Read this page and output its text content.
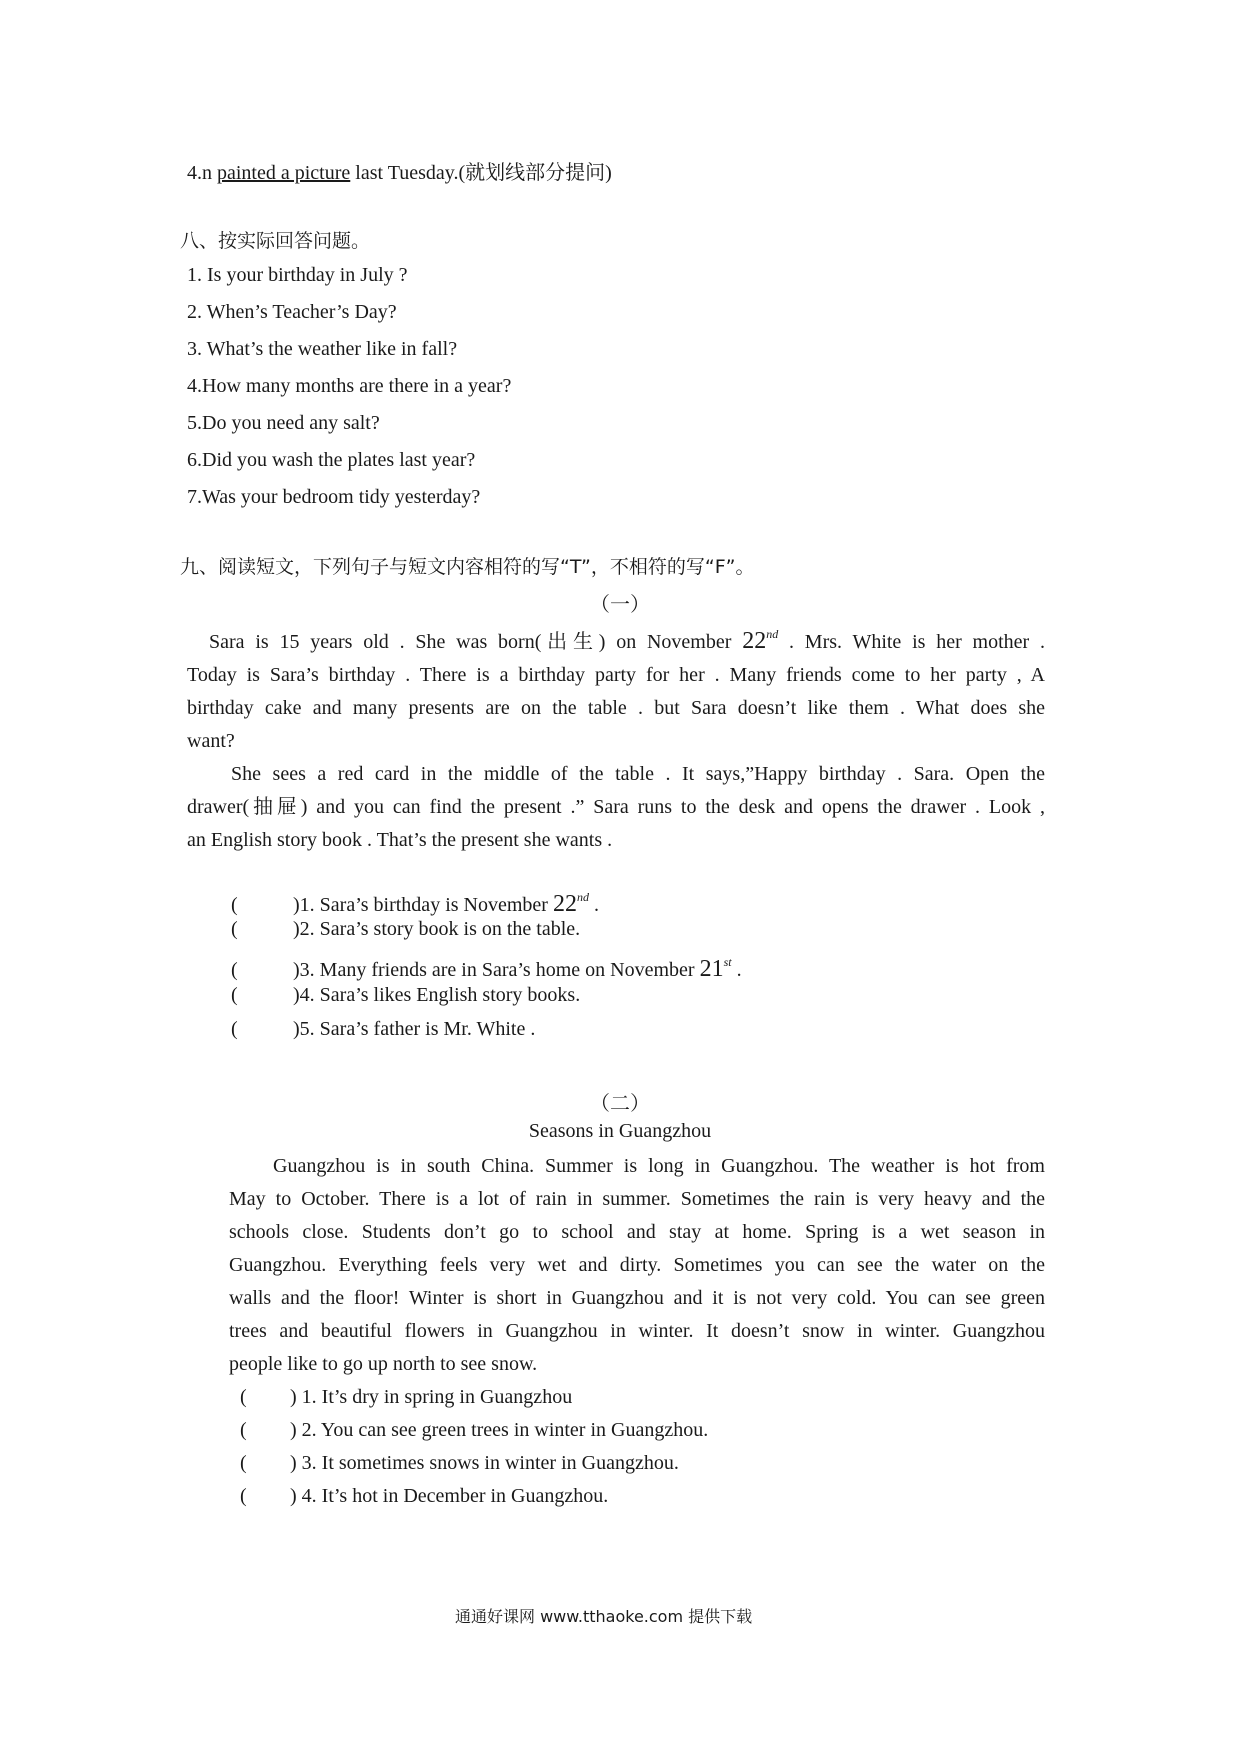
4.n painted a picture last Tuesday.(就划线部分提问)
八、按实际回答问题。
1. Is your birthday in July ?
2. When’s Teacher’s Day?
3. What’s the weather like in fall?
4.How many months are there in a year?
5.Do you need any salt?
6.Did you wash the plates last year?
7.Was your bedroom tidy yesterday?
九、阅读短文，下列句子与短文内容相符的写“T”，不相符的写“F”。
（一）
Sara is 15 years old . She was born(出生) on November 22nd . Mrs. White is her mother .
Today is Sara’s birthday . There is a birthday party for her . Many friends come to her party , A
birthday cake and many presents are on the table . but Sara doesn’t like them . What does she
want?
She sees a red card in the middle of the table . It says,”Happy birthday . Sara. Open the
drawer(抽屉) and you can find the present .” Sara runs to the desk and opens the drawer . Look ,
an English story book . That’s the present she wants .
(	)1. Sara’s birthday is November 22nd .
(	)2. Sara’s story book is on the table.
(	)3. Many friends are in Sara’s home on November 21st .
(	)4. Sara’s likes English story books.
(	)5. Sara’s father is Mr. White .
（二）
Seasons in Guangzhou
Guangzhou is in south China. Summer is long in Guangzhou. The weather is hot from
May to October. There is a lot of rain in summer. Sometimes the rain is very heavy and the
schools close. Students don’t go to school and stay at home. Spring is a wet season in
Guangzhou. Everything feels very wet and dirty. Sometimes you can see the water on the
walls and the floor! Winter is short in Guangzhou and it is not very cold. You can see green
trees and beautiful flowers in Guangzhou in winter. It doesn’t snow in winter. Guangzhou
people like to go up north to see snow.
( ) 1. It’s dry in spring in Guangzhou
( ) 2. You can see green trees in winter in Guangzhou.
( ) 3. It sometimes snows in winter in Guangzhou.
( ) 4. It’s hot in December in Guangzhou.
通通好课网 www.tthaoke.com 提供下载
